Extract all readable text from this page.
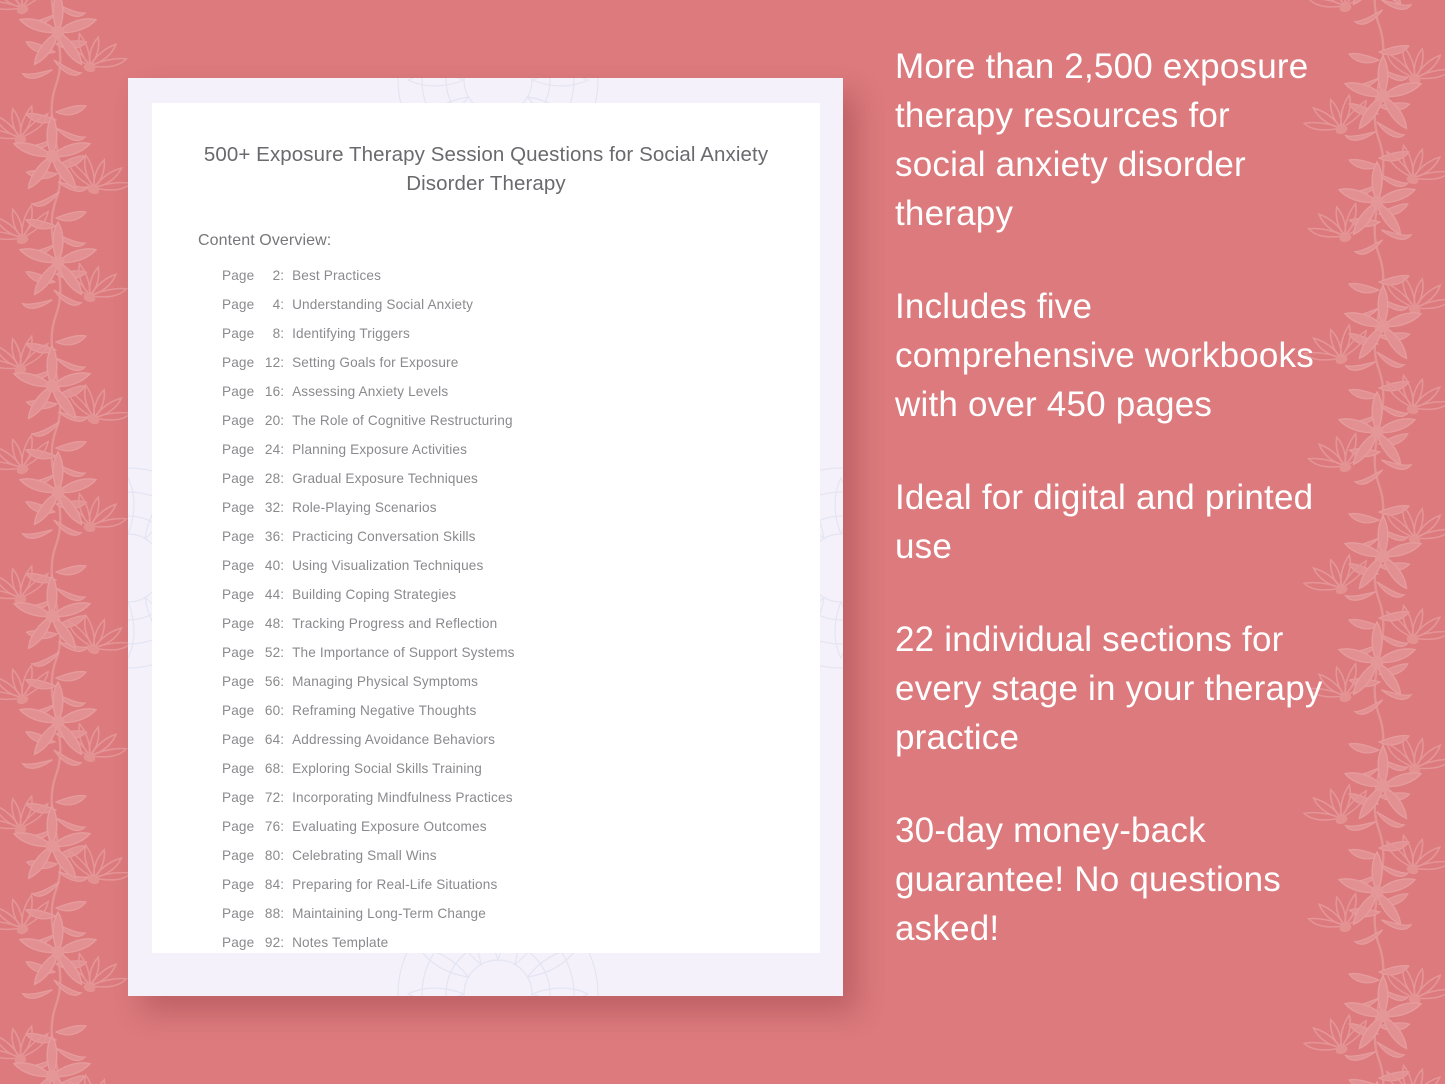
500+ Exposure Therapy Session Questions for Social Anxiety Disorder Therapy

Content Overview:

Page	2 : Best Practices
Page	4 : Understanding Social Anxiety
Page	8 : Identifying Triggers
Page 12 : Setting Goals for Exposure
Page 16 : Assessing Anxiety Levels
Page 20 : The Role of Cognitive Restructuring
Page 24 : Planning Exposure Activities
Page 28 : Gradual Exposure Techniques
Page 32 : Role-Playing Scenarios
Page 36 : Practicing Conversation Skills
Page 40 : Using Visualization Techniques
Page 44 : Building Coping Strategies
Page 48 : Tracking Progress and Reflection
Page 52 : The Importance of Support Systems
Page 56 : Managing Physical Symptoms
Page 60 : Reframing Negative Thoughts
Page 64 : Addressing Avoidance Behaviors
Page 68 : Exploring Social Skills Training
Page 72 : Incorporating Mindfulness Practices
Page 76 : Evaluating Exposure Outcomes
Page 80 : Celebrating Small Wins
Page 84 : Preparing for Real-Life Situations
Page 88 : Maintaining Long-Term Change
Page 92 : Notes Template

More than 2,500 exposure therapy resources for social anxiety disorder therapy

Includes five comprehensive workbooks with over 450 pages

Ideal for digital and printed use

22 individual sections for every stage in your therapy practice

30-day money-back guarantee! No questions asked!
